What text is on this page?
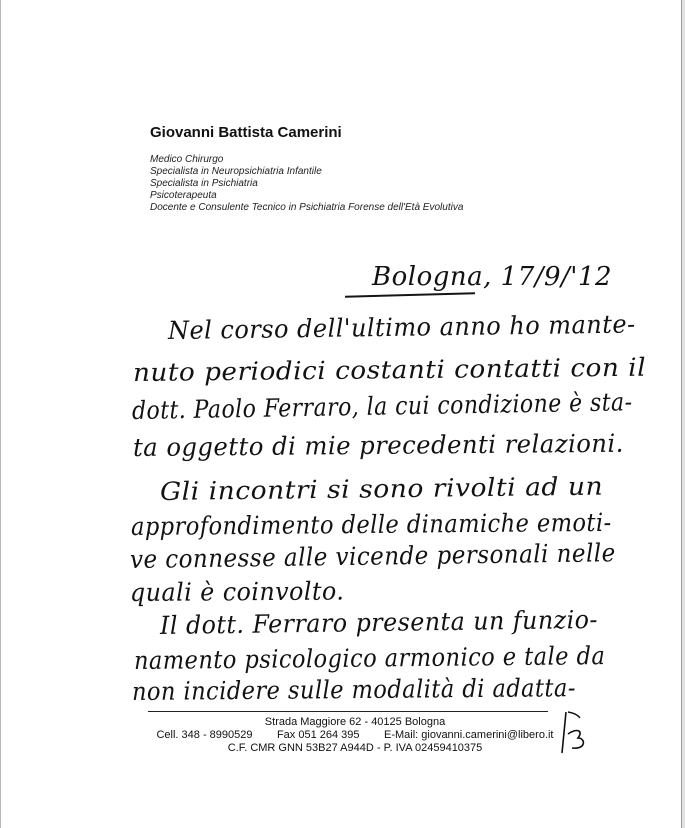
Giovanni Battista Camerini
Medico Chirurgo
Specialista in Neuropsichiatria Infantile
Specialista in Psichiatria
Psicoterapeuta
Docente e Consulente Tecnico in Psichiatria Forense dell'Età Evolutiva
Bologna, 17/9/'12
Nel corso dell'ultimo anno ho mante-
nuto periodici costanti contatti con il
dott. Paolo Ferraro, la cui condizione è sta-
ta oggetto di mie precedenti relazioni.
Gli incontri si sono rivolti ad un
approfondimento delle dinamiche emoti-
ve connesse alle vicende personali nelle
quali è coinvolto.
Il dott. Ferraro presenta un funzio-
namento psicologico armonico e tale da
non incidere sulle modalità di adatta-
Strada Maggiore 62 - 40125 Bologna
Cell. 348 - 8990529 Fax 051 264 395 E-Mail: giovanni.camerini@libero.it
C.F. CMR GNN 53B27 A944D - P. IVA 02459410375
